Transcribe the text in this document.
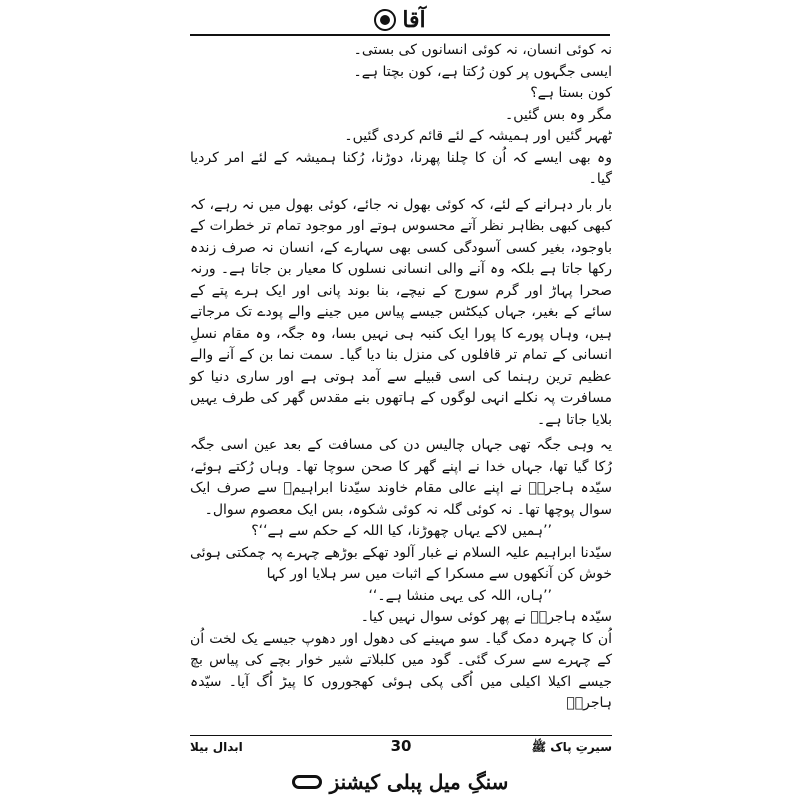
آقا

نہ کوئی انسان، نہ کوئی انسانوں کی بستی۔

ایسی جگہوں پر کون رُکتا ہے، کون بچتا ہے۔

کون بستا ہے؟

مگر وہ بس گئیں۔

ٹھہر گئیں اور ہمیشہ کے لئے قائم کردی گئیں۔

وہ بھی ایسے کہ اُن کا چلنا پھرنا، دوڑنا، رُکنا ہمیشہ کے لئے امر کردیا گیا۔

بار بار دہرانے کے لئے، کہ کوئی بھول نہ جائے، کوئی بھول میں نہ رہے، کہ کبھی کبھی بظاہر نظر آتے محسوس ہوتے اور موجود تمام تر خطرات کے باوجود، بغیر کسی آسودگی کسی بھی سہارے کے، انسان نہ صرف زندہ رکھا جاتا ہے بلکہ وہ آنے والی انسانی نسلوں کا معیار بن جاتا ہے۔ ورنہ صحرا پہاڑ اور گرم سورج کے نیچے، بنا بوند پانی اور ایک ہرے پتے کے سائے کے بغیر، جہاں کیکٹس جیسے پیاس میں جینے والے پودے تک مرجاتے ہیں، وہاں پورے کا پورا ایک کنبہ ہی نہیں بسا، وہ جگہ، وہ مقام نسلِ انسانی کے تمام تر قافلوں کی منزل بنا دیا گیا۔ سمت نما بن کے آنے والے عظیم ترین رہنما کی اسی قبیلے سے آمد ہوتی ہے اور ساری دنیا کو مسافرت پہ نکلے انہی لوگوں کے ہاتھوں بنے مقدس گھر کی طرف یہیں بلایا جاتا ہے۔

یہ وہی جگہ تھی جہاں چالیس دن کی مسافت کے بعد عین اسی جگہ رُکا گیا تھا، جہاں خدا نے اپنے گھر کا صحن سوچا تھا۔ وہاں رُکتے ہوئے، سیّدہ ہاجرہؑ نے اپنے عالی مقام خاوند سیّدنا ابراہیمؑ سے صرف ایک سوال پوچھا تھا۔ نہ کوئی گلہ نہ کوئی شکوہ، بس ایک معصوم سوال۔

’’ہمیں لاکے یہاں چھوڑنا، کیا اللہ کے حکم سے ہے‘‘؟

سیّدنا ابراہیم علیہ السلام نے غبار آلود تھکے بوڑھے چہرے پہ چمکتی ہوئی خوش کن آنکھوں سے مسکرا کے اثبات میں سر ہلایا اور کہا

’’ہاں، اللہ کی یہی منشا ہے۔‘‘

سیّدہ ہاجرہؑ نے پھر کوئی سوال نہیں کیا۔

اُن کا چہرہ دمک گیا۔ سو مہینے کی دھول اور دھوپ جیسے یک لخت اُن کے چہرے سے سرک گئی۔ گود میں کلبلاتے شیر خوار بچے کی پیاس بچ جیسے اکیلا اکیلی میں اُگی پکی ہوئی کھجوروں کا پیڑ اُگ آیا۔ سیّدہ ہاجرہؑ

سیرتِ پاک ﷺ
30
ابدال بیلا
سنگِ میل پبلی کیشنز
